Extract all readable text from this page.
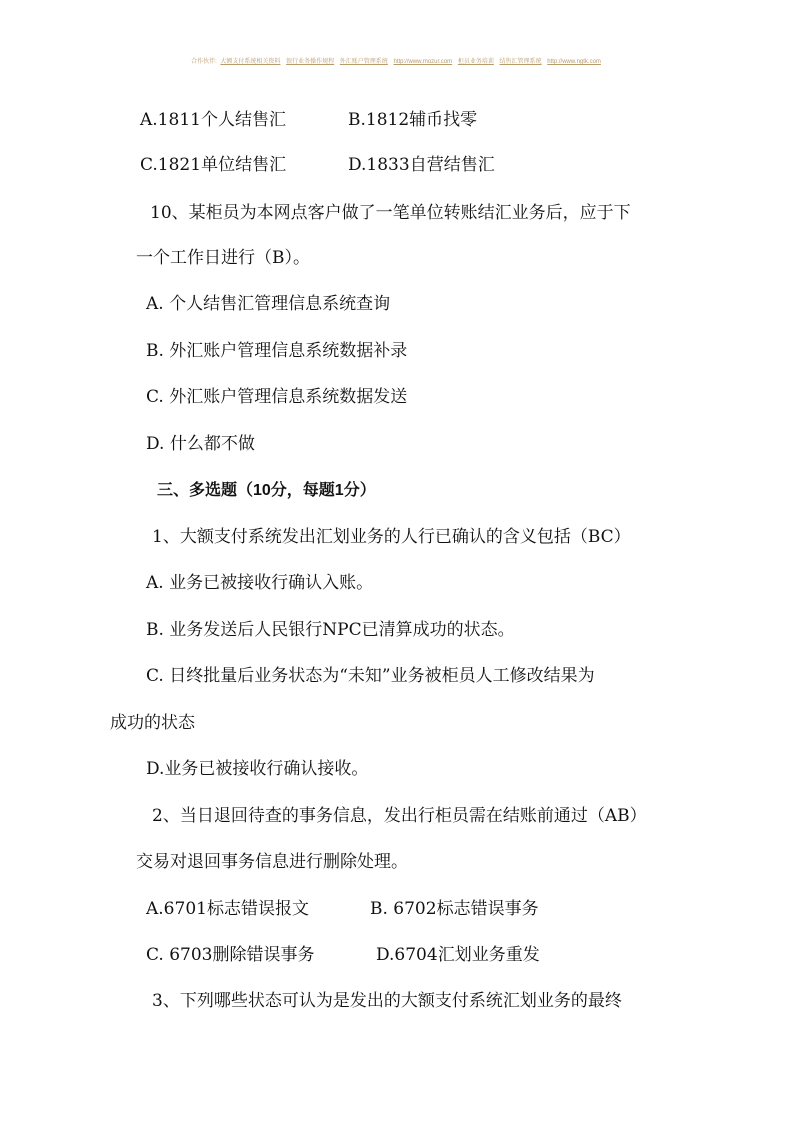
合作伙伴: 大额支付系统相关资料 银行业务操作规程 外汇账户管理系统 http://www.mozur.com 柜员业务培训 结售汇管理系统 http://www.ngtk.com
A.1811个人结售汇	B.1812辅币找零
C.1821单位结售汇	D.1833自营结售汇
10、某柜员为本网点客户做了一笔单位转账结汇业务后，应于下
一个工作日进行（B）。
A. 个人结售汇管理信息系统查询
B. 外汇账户管理信息系统数据补录
C. 外汇账户管理信息系统数据发送
D. 什么都不做
三、多选题（10分，每题1分）
1、大额支付系统发出汇划业务的人行已确认的含义包括（BC）
A. 业务已被接收行确认入账。
B. 业务发送后人民银行NPC已清算成功的状态。
C. 日终批量后业务状态为“未知”业务被柜员人工修改结果为
成功的状态
D.业务已被接收行确认接收。
2、当日退回待查的事务信息，发出行柜员需在结账前通过（AB）
交易对退回事务信息进行删除处理。
A.6701标志错误报文	B. 6702标志错误事务
C. 6703删除错误事务	D.6704汇划业务重发
3、下列哪些状态可认为是发出的大额支付系统汇划业务的最终
